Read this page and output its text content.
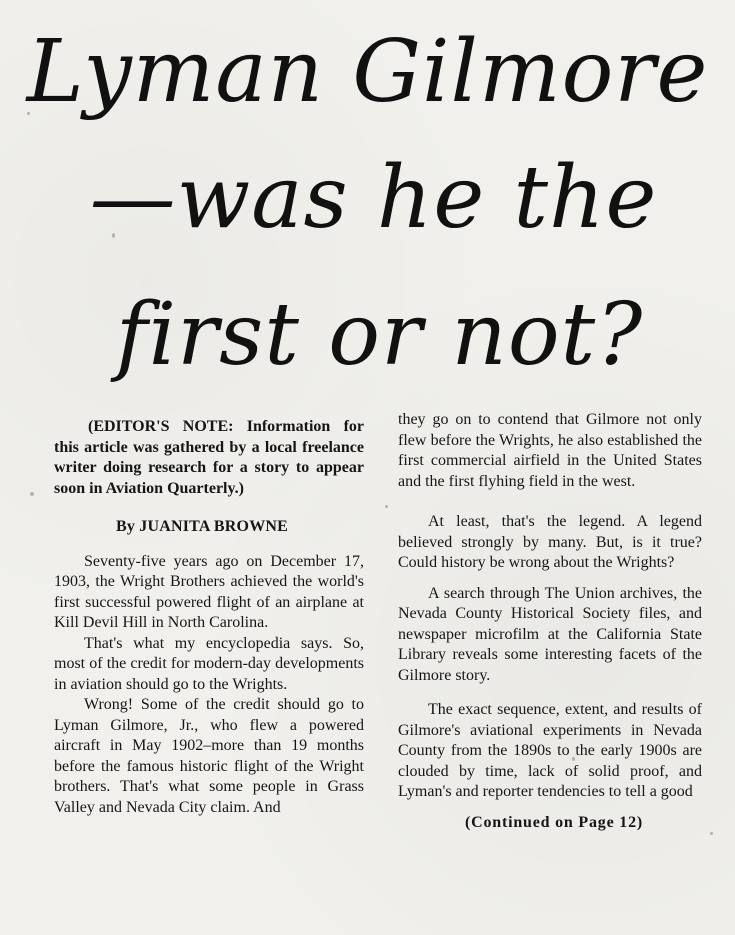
Lyman Gilmore
—was he the
first or not?

(EDITOR'S NOTE: Information for this article was gathered by a local freelance writer doing research for a story to appear soon in Aviation Quarterly.)

By JUANITA BROWNE

Seventy-five years ago on December 17, 1903, the Wright Brothers achieved the world's first successful powered flight of an airplane at Kill Devil Hill in North Carolina.

That's what my encyclopedia says. So, most of the credit for modern-day developments in aviation should go to the Wrights.

Wrong! Some of the credit should go to Lyman Gilmore, Jr., who flew a powered aircraft in May 1902–more than 19 months before the famous historic flight of the Wright brothers. That's what some people in Grass Valley and Nevada City claim. And

they go on to contend that Gilmore not only flew before the Wrights, he also established the first commercial airfield in the United States and the first flyhing field in the west.

At least, that's the legend. A legend believed strongly by many. But, is it true? Could history be wrong about the Wrights?

A search through The Union archives, the Nevada County Historical Society files, and newspaper microfilm at the California State Library reveals some interesting facets of the Gilmore story.

The exact sequence, extent, and results of Gilmore's aviational experiments in Nevada County from the 1890s to the early 1900s are clouded by time, lack of solid proof, and Lyman's and reporter tendencies to tell a good

(Continued on Page 12)
